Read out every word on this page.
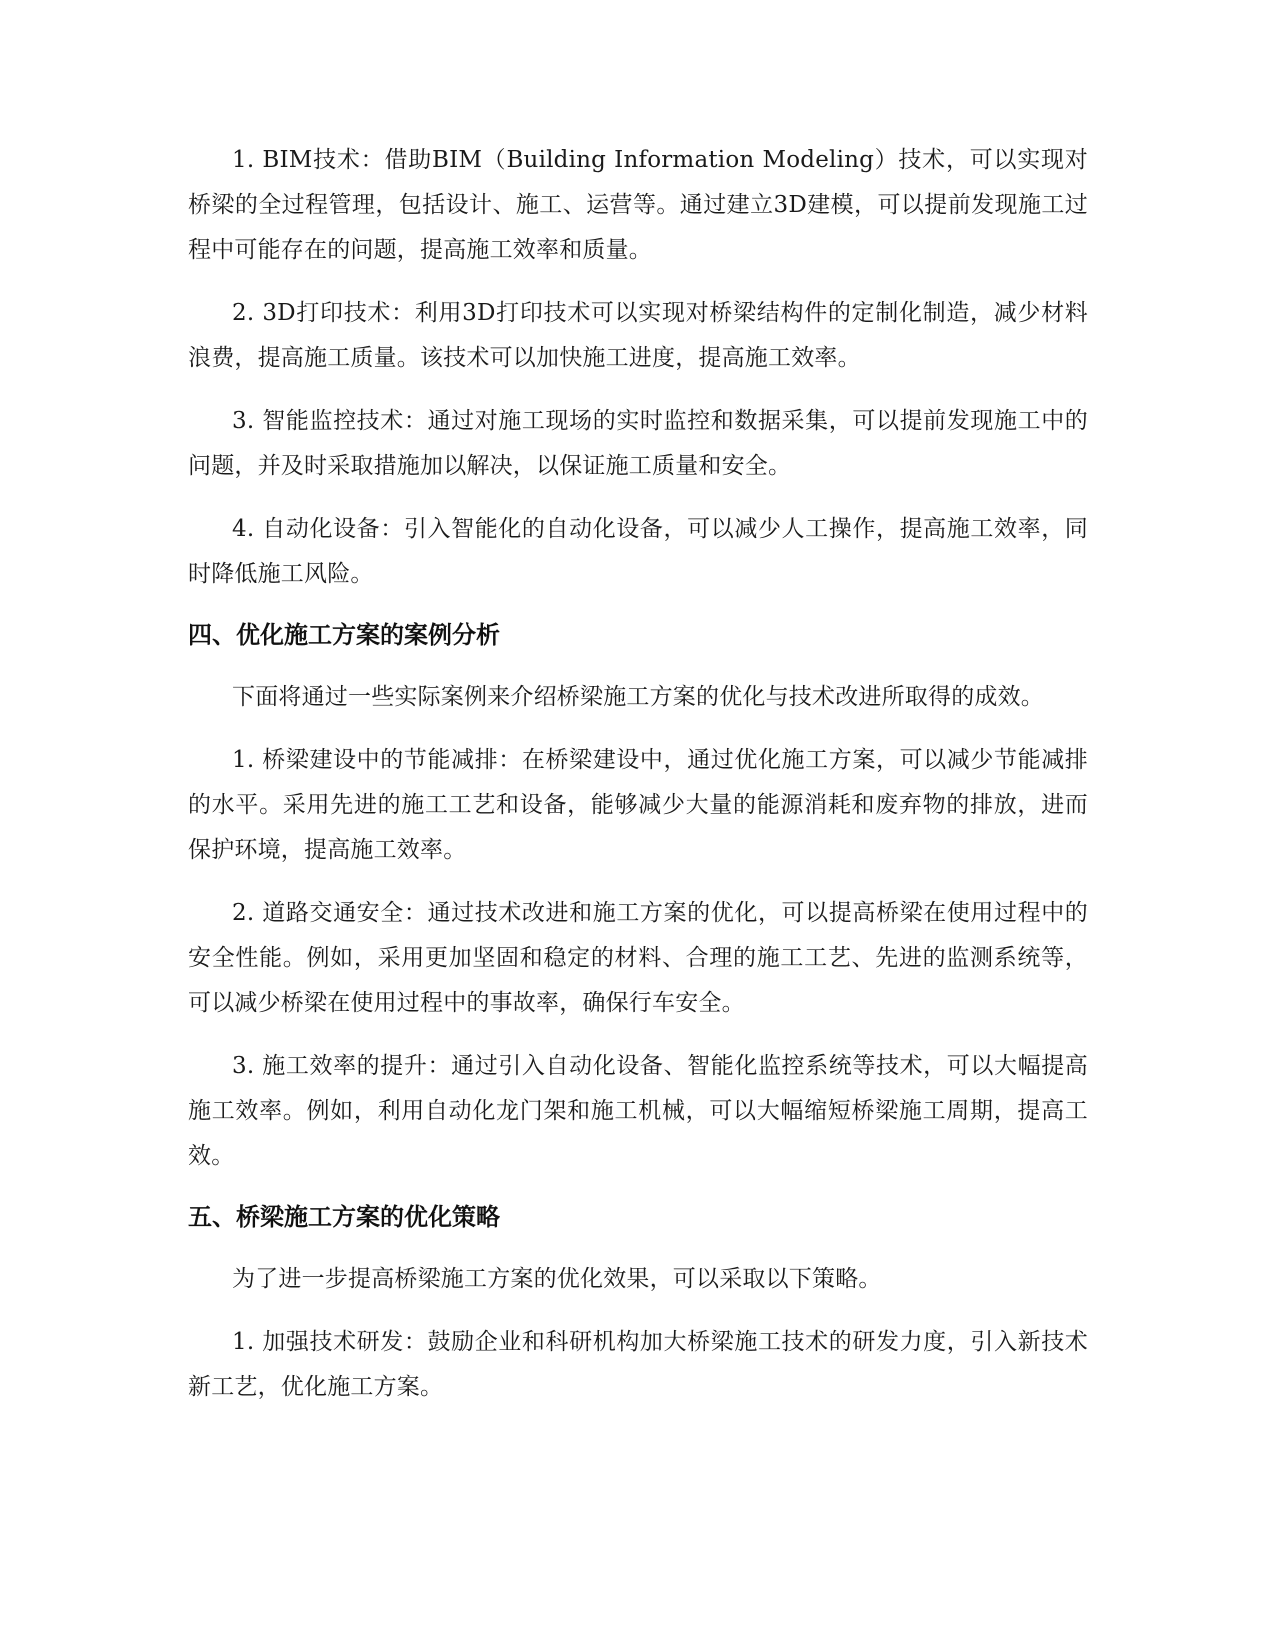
1. BIM技术：借助BIM（Building Information Modeling）技术，可以实现对桥梁的全过程管理，包括设计、施工、运营等。通过建立3D建模，可以提前发现施工过程中可能存在的问题，提高施工效率和质量。

2. 3D打印技术：利用3D打印技术可以实现对桥梁结构件的定制化制造，减少材料浪费，提高施工质量。该技术可以加快施工进度，提高施工效率。

3. 智能监控技术：通过对施工现场的实时监控和数据采集，可以提前发现施工中的问题，并及时采取措施加以解决，以保证施工质量和安全。

4. 自动化设备：引入智能化的自动化设备，可以减少人工操作，提高施工效率，同时降低施工风险。

四、优化施工方案的案例分析

下面将通过一些实际案例来介绍桥梁施工方案的优化与技术改进所取得的成效。

1. 桥梁建设中的节能减排：在桥梁建设中，通过优化施工方案，可以减少节能减排的水平。采用先进的施工工艺和设备，能够减少大量的能源消耗和废弃物的排放，进而保护环境，提高施工效率。

2. 道路交通安全：通过技术改进和施工方案的优化，可以提高桥梁在使用过程中的安全性能。例如，采用更加坚固和稳定的材料、合理的施工工艺、先进的监测系统等，可以减少桥梁在使用过程中的事故率，确保行车安全。

3. 施工效率的提升：通过引入自动化设备、智能化监控系统等技术，可以大幅提高施工效率。例如，利用自动化龙门架和施工机械，可以大幅缩短桥梁施工周期，提高工效。

五、桥梁施工方案的优化策略

为了进一步提高桥梁施工方案的优化效果，可以采取以下策略。

1. 加强技术研发：鼓励企业和科研机构加大桥梁施工技术的研发力度，引入新技术新工艺，优化施工方案。
